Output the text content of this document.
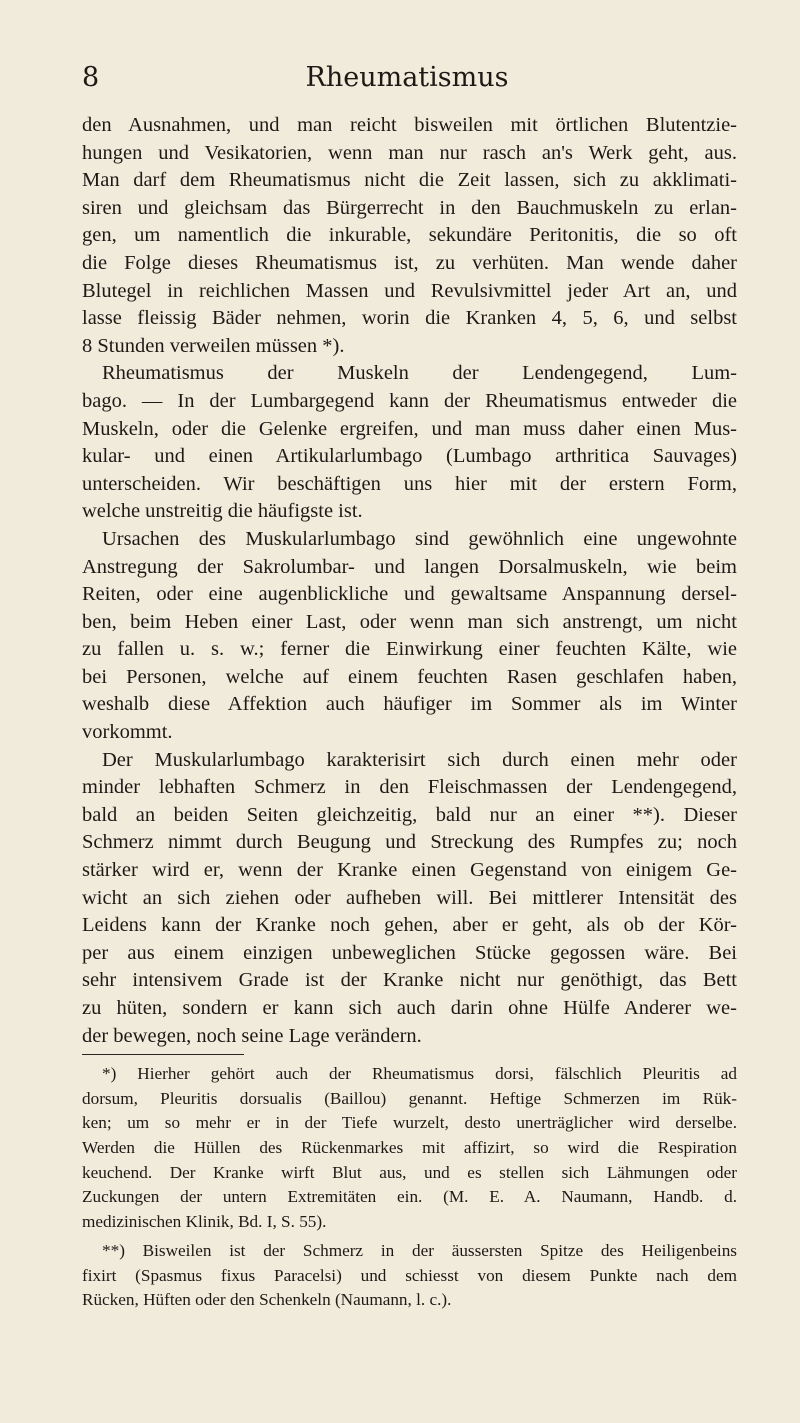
8	Rheumatismus
den Ausnahmen, und man reicht bisweilen mit örtlichen Blutentzie-
hungen und Vesikatorien, wenn man nur rasch an's Werk geht, aus.
Man darf dem Rheumatismus nicht die Zeit lassen, sich zu akklimati-
siren und gleichsam das Bürgerrecht in den Bauchmuskeln zu erlan-
gen, um namentlich die inkurable, sekundäre Peritonitis, die so oft
die Folge dieses Rheumatismus ist, zu verhüten. Man wende daher
Blutegel in reichlichen Massen und Revulsivmittel jeder Art an, und
lasse fleissig Bäder nehmen, worin die Kranken 4, 5, 6, und selbst
8 Stunden verweilen müssen *).
Rheumatismus der Muskeln der Lendengegend, Lum-
bago. — In der Lumbargegend kann der Rheumatismus entweder die
Muskeln, oder die Gelenke ergreifen, und man muss daher einen Mus-
kular- und einen Artikularlumbago (Lumbago arthritica Sauvages)
unterscheiden. Wir beschäftigen uns hier mit der erstern Form,
welche unstreitig die häufigste ist.
Ursachen des Muskularlumbago sind gewöhnlich eine ungewohnte
Anstregung der Sakrolumbar- und langen Dorsalmuskeln, wie beim
Reiten, oder eine augenblickliche und gewaltsame Anspannung dersel-
ben, beim Heben einer Last, oder wenn man sich anstrengt, um nicht
zu fallen u. s. w.; ferner die Einwirkung einer feuchten Kälte, wie
bei Personen, welche auf einem feuchten Rasen geschlafen haben,
weshalb diese Affektion auch häufiger im Sommer als im Winter
vorkommt.
Der Muskularlumbago karakterisirt sich durch einen mehr oder
minder lebhaften Schmerz in den Fleischmassen der Lendengegend,
bald an beiden Seiten gleichzeitig, bald nur an einer **). Dieser
Schmerz nimmt durch Beugung und Streckung des Rumpfes zu; noch
stärker wird er, wenn der Kranke einen Gegenstand von einigem Ge-
wicht an sich ziehen oder aufheben will. Bei mittlerer Intensität des
Leidens kann der Kranke noch gehen, aber er geht, als ob der Kör-
per aus einem einzigen unbeweglichen Stücke gegossen wäre. Bei
sehr intensivem Grade ist der Kranke nicht nur genöthigt, das Bett
zu hüten, sondern er kann sich auch darin ohne Hülfe Anderer we-
der bewegen, noch seine Lage verändern.
*) Hierher gehört auch der Rheumatismus dorsi, fälschlich Pleuritis ad
dorsum, Pleuritis dorsualis (Baillou) genannt. Heftige Schmerzen im Rük-
ken; um so mehr er in der Tiefe wurzelt, desto unerträglicher wird derselbe.
Werden die Hüllen des Rückenmarkes mit affizirt, so wird die Respiration
keuchend. Der Kranke wirft Blut aus, und es stellen sich Lähmungen oder
Zuckungen der untern Extremitäten ein. (M. E. A. Naumann, Handb. d.
medizinischen Klinik, Bd. I, S. 55).
**) Bisweilen ist der Schmerz in der äussersten Spitze des Heiligenbeins
fixirt (Spasmus fixus Paracelsi) und schiesst von diesem Punkte nach dem
Rücken, Hüften oder den Schenkeln (Naumann, l. c.).
